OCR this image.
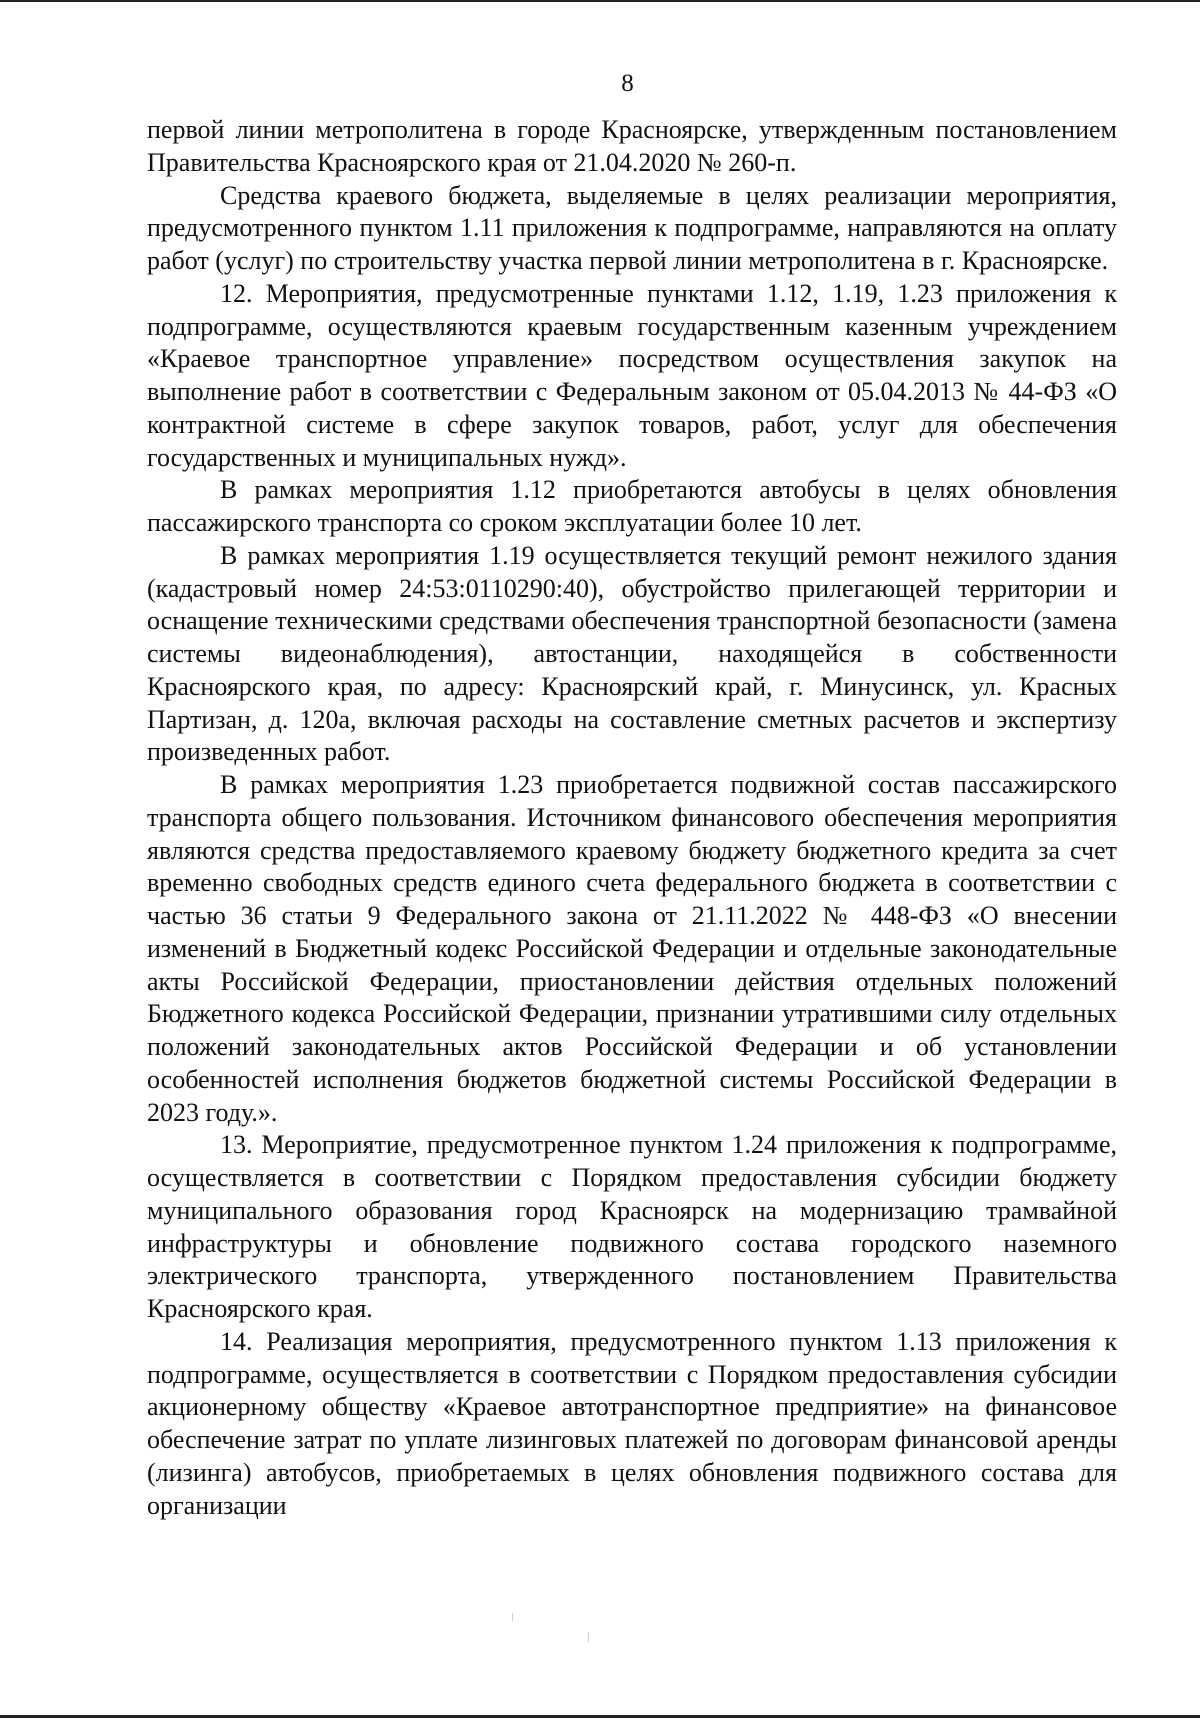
8

первой линии метрополитена в городе Красноярске, утвержденным постановлением Правительства Красноярского края от 21.04.2020 № 260-п.

Средства краевого бюджета, выделяемые в целях реализации мероприятия, предусмотренного пунктом 1.11 приложения к подпрограмме, направляются на оплату работ (услуг) по строительству участка первой линии метрополитена в г. Красноярске.

12. Мероприятия, предусмотренные пунктами 1.12, 1.19, 1.23 приложения к подпрограмме, осуществляются краевым государственным казенным учреждением «Краевое транспортное управление» посредством осуществления закупок на выполнение работ в соответствии с Федеральным законом от 05.04.2013 № 44-ФЗ «О контрактной системе в сфере закупок товаров, работ, услуг для обеспечения государственных и муниципальных нужд».

В рамках мероприятия 1.12 приобретаются автобусы в целях обновления пассажирского транспорта со сроком эксплуатации более 10 лет.

В рамках мероприятия 1.19 осуществляется текущий ремонт нежилого здания (кадастровый номер 24:53:0110290:40), обустройство прилегающей территории и оснащение техническими средствами обеспечения транспортной безопасности (замена системы видеонаблюдения), автостанции, находящейся в собственности Красноярского края, по адресу: Красноярский край, г. Минусинск, ул. Красных Партизан, д. 120а, включая расходы на составление сметных расчетов и экспертизу произведенных работ.

В рамках мероприятия 1.23 приобретается подвижной состав пассажирского транспорта общего пользования. Источником финансового обеспечения мероприятия являются средства предоставляемого краевому бюджету бюджетного кредита за счет временно свободных средств единого счета федерального бюджета в соответствии с частью 36 статьи 9 Федерального закона от 21.11.2022 № 448-ФЗ «О внесении изменений в Бюджетный кодекс Российской Федерации и отдельные законодательные акты Российской Федерации, приостановлении действия отдельных положений Бюджетного кодекса Российской Федерации, признании утратившими силу отдельных положений законодательных актов Российской Федерации и об установлении особенностей исполнения бюджетов бюджетной системы Российской Федерации в 2023 году.».

13. Мероприятие, предусмотренное пунктом 1.24 приложения к подпрограмме, осуществляется в соответствии с Порядком предоставления субсидии бюджету муниципального образования город Красноярск на модернизацию трамвайной инфраструктуры и обновление подвижного состава городского наземного электрического транспорта, утвержденного постановлением Правительства Красноярского края.

14. Реализация мероприятия, предусмотренного пунктом 1.13 приложения к подпрограмме, осуществляется в соответствии с Порядком предоставления субсидии акционерному обществу «Краевое автотранспортное предприятие» на финансовое обеспечение затрат по уплате лизинговых платежей по договорам финансовой аренды (лизинга) автобусов, приобретаемых в целях обновления подвижного состава для организации
